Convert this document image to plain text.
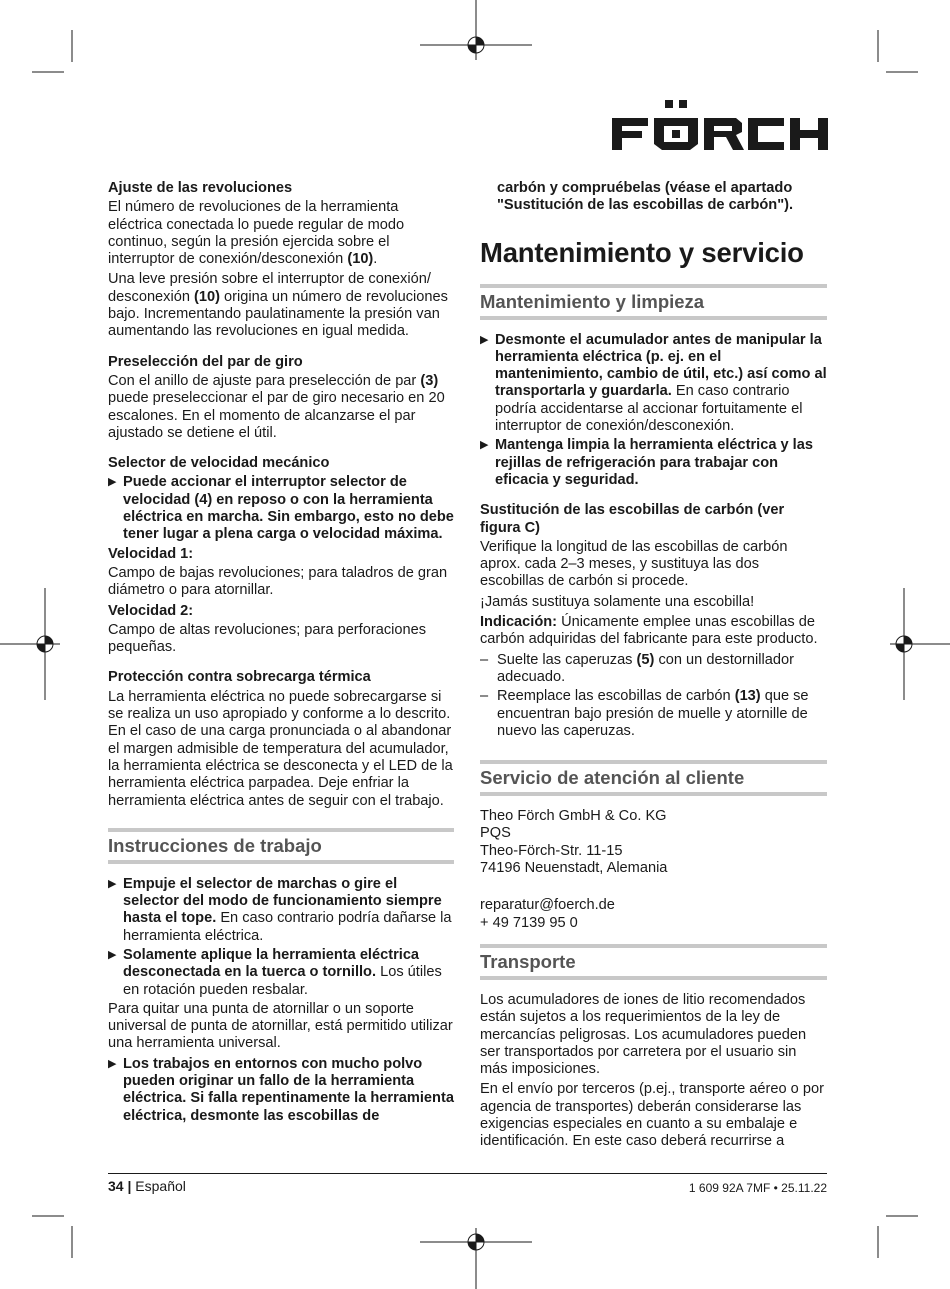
Ajuste de las revoluciones

El número de revoluciones de la herramienta eléctrica conectada lo puede regular de modo continuo, según la presión ejercida sobre el interruptor de conexión/desconexión (10).

Una leve presión sobre el interruptor de conexión/ desconexión (10) origina un número de revoluciones bajo. Incrementando paulatinamente la presión van aumentando las revoluciones en igual medida.

Preselección del par de giro

Con el anillo de ajuste para preselección de par (3) puede preseleccionar el par de giro necesario en 20 escalones. En el momento de alcanzarse el par ajustado se detiene el útil.

Selector de velocidad mecánico

▶ Puede accionar el interruptor selector de velocidad (4) en reposo o con la herramienta eléctrica en marcha. Sin embargo, esto no debe tener lugar a plena carga o velocidad máxima.

Velocidad 1:

Campo de bajas revoluciones; para taladros de gran diámetro o para atornillar.

Velocidad 2:

Campo de altas revoluciones; para perforaciones pequeñas.

Protección contra sobrecarga térmica

La herramienta eléctrica no puede sobrecargarse si se realiza un uso apropiado y conforme a lo descrito. En el caso de una carga pronunciada o al abandonar el margen admisible de temperatura del acumulador, la herramienta eléctrica se desconecta y el LED de la herramienta eléctrica parpadea. Deje enfriar la herramienta eléctrica antes de seguir con el trabajo.

Instrucciones de trabajo
▶ Empuje el selector de marchas o gire el selector del modo de funcionamiento siempre hasta el tope. En caso contrario podría dañarse la herramienta eléctrica.
▶ Solamente aplique la herramienta eléctrica desconectada en la tuerca o tornillo. Los útiles en rotación pueden resbalar.

Para quitar una punta de atornillar o un soporte universal de punta de atornillar, está permitido utilizar una herramienta universal.

▶ Los trabajos en entornos con mucho polvo pueden originar un fallo de la herramienta eléctrica. Si falla repentinamente la herramienta eléctrica, desmonte las escobillas de

carbón y compruébelas (véase el apartado "Sustitución de las escobillas de carbón").

Mantenimiento y servicio
Mantenimiento y limpieza
▶ Desmonte el acumulador antes de manipular la herramienta eléctrica (p. ej. en el mantenimiento, cambio de útil, etc.) así como al transportarla y guardarla. En caso contrario podría accidentarse al accionar fortuitamente el interruptor de conexión/desconexión.
▶ Mantenga limpia la herramienta eléctrica y las rejillas de refrigeración para trabajar con eficacia y seguridad.

Sustitución de las escobillas de carbón (ver figura C)

Verifique la longitud de las escobillas de carbón aprox. cada 2–3 meses, y sustituya las dos escobillas de carbón si procede.

¡Jamás sustituya solamente una escobilla!

Indicación: Únicamente emplee unas escobillas de carbón adquiridas del fabricante para este producto.

– Suelte las caperuzas (5) con un destornillador adecuado.
– Reemplace las escobillas de carbón (13) que se encuentran bajo presión de muelle y atornille de nuevo las caperuzas.
Servicio de atención al cliente

Theo Förch GmbH & Co. KG

PQS

Theo-Förch-Str. 11-15

74196 Neuenstadt, Alemania

reparatur@foerch.de

+ 49 7139 95 0

Transporte

Los acumuladores de iones de litio recomendados están sujetos a los requerimientos de la ley de mercancías peligrosas. Los acumuladores pueden ser transportados por carretera por el usuario sin más imposiciones.

En el envío por terceros (p.ej., transporte aéreo o por agencia de transportes) deberán considerarse las exigencias especiales en cuanto a su embalaje e identificación. En este caso deberá recurrirse a

34 | Español	1 609 92A 7MF • 25.11.22
